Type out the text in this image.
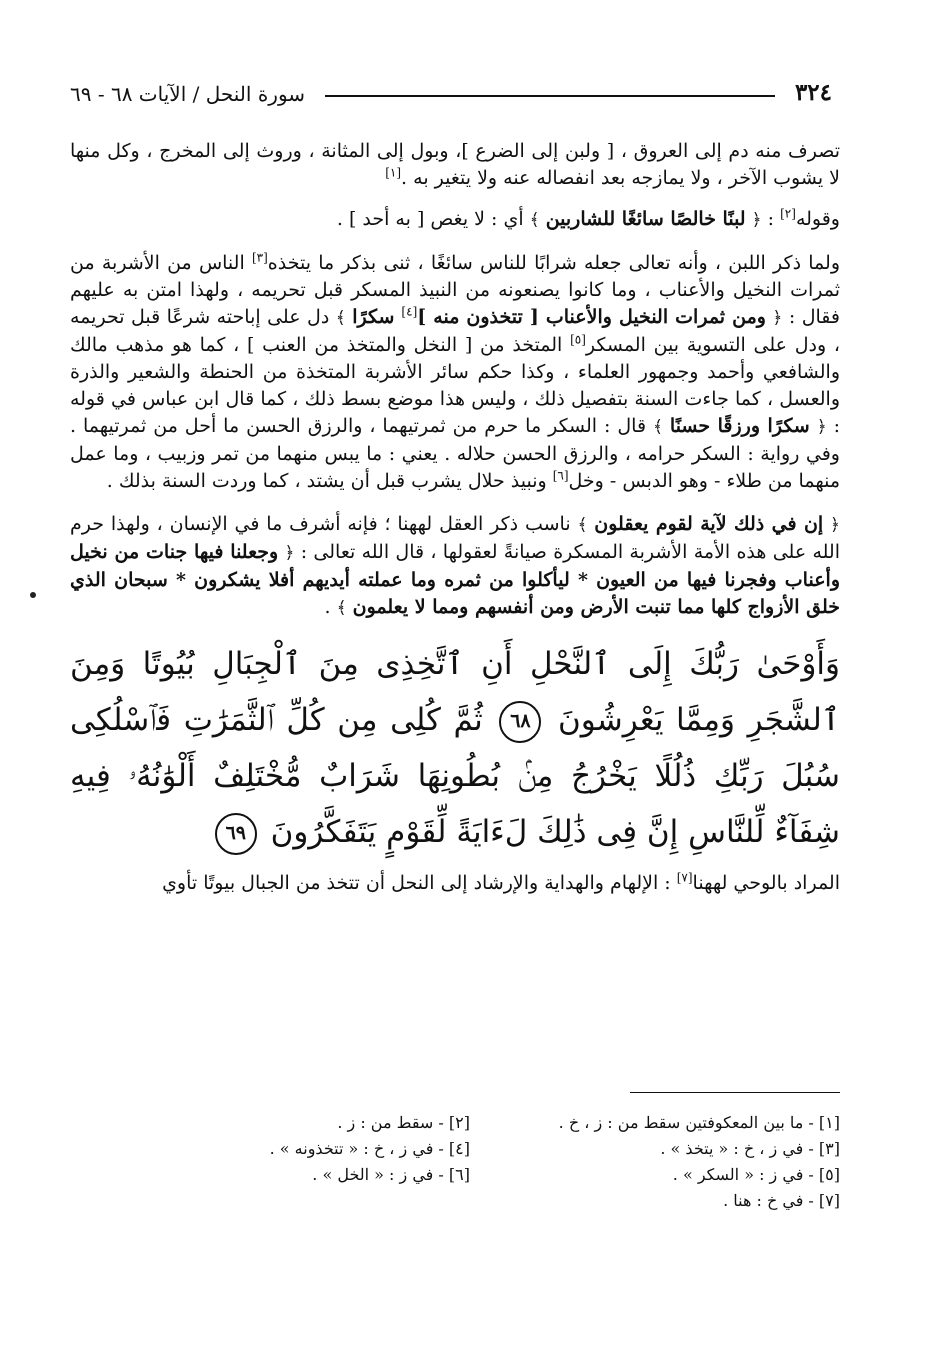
٣٢٤
سورة النحل / الآيات ٦٨ - ٦٩

تصرف منه دم إلى العروق ، [ ولبن إلى الضرع ]، وبول إلى المثانة ، وروث إلى المخرج ، وكل منها لا يشوب الآخر ، ولا يمازجه بعد انفصاله عنه ولا يتغير به .[١]

وقوله[٢] : ﴿ لبنًا خالصًا سائغًا للشاربين ﴾ أي : لا يغص [ به أحد ] .

ولما ذكر اللبن ، وأنه تعالى جعله شرابًا للناس سائغًا ، ثنى بذكر ما يتخذه[٣] الناس من الأشربة من ثمرات النخيل والأعناب ، وما كانوا يصنعونه من النبيذ المسكر قبل تحريمه ، ولهذا امتن به عليهم فقال : ﴿ ومن ثمرات النخيل والأعناب [ تتخذون منه ][٤] سكرًا ﴾ دل على إباحته شرعًا قبل تحريمه ، ودل على التسوية بين المسكر[٥] المتخذ من [ النخل والمتخذ من العنب ] ، كما هو مذهب مالك والشافعي وأحمد وجمهور العلماء ، وكذا حكم سائر الأشربة المتخذة من الحنطة والشعير والذرة والعسل ، كما جاءت السنة بتفصيل ذلك ، وليس هذا موضع بسط ذلك ، كما قال ابن عباس في قوله : ﴿ سكرًا ورزقًا حسنًا ﴾ قال : السكر ما حرم من ثمرتيهما ، والرزق الحسن ما أحل من ثمرتيهما . وفي رواية : السكر حرامه ، والرزق الحسن حلاله . يعني : ما يبس منهما من تمر وزبيب ، وما عمل منهما من طلاء - وهو الدبس - وخل[٦] ونبيذ حلال يشرب قبل أن يشتد ، كما وردت السنة بذلك .

﴿ إن في ذلك لآية لقوم يعقلون ﴾ ناسب ذكر العقل لههنا ؛ فإنه أشرف ما في الإنسان ، ولهذا حرم الله على هذه الأمة الأشربة المسكرة صيانةً لعقولها ، قال الله تعالى : ﴿ وجعلنا فيها جنات من نخيل وأعناب وفجرنا فيها من العيون * ليأكلوا من ثمره وما عملته أيديهم أفلا يشكرون * سبحان الذي خلق الأزواج كلها مما تنبت الأرض ومن أنفسهم ومما لا يعلمون ﴾ .

وَأَوْحَىٰ رَبُّكَ إِلَى ٱلنَّحْلِ أَنِ ٱتَّخِذِى مِنَ ٱلْجِبَالِ بُيُوتًا وَمِنَ ٱلشَّجَرِ وَمِمَّا يَعْرِشُونَ ٦٨ ثُمَّ كُلِى مِن كُلِّ ٱلثَّمَرَٰتِ فَٱسْلُكِى سُبُلَ رَبِّكِ ذُلُلًا يَخْرُجُ مِنۢ بُطُونِهَا شَرَابٌ مُّخْتَلِفٌ أَلْوَٰنُهُۥ فِيهِ شِفَآءٌ لِّلنَّاسِ إِنَّ فِى ذَٰلِكَ لَءَايَةً لِّقَوْمٍ يَتَفَكَّرُونَ ٦٩

المراد بالوحي لههنا[٧] : الإلهام والهداية والإرشاد إلى النحل أن تتخذ من الجبال بيوتًا تأوي

[١] - ما بين المعكوفتين سقط من : ز ، خ .
[٢] - سقط من : ز .
[٣] - في ز ، خ : « يتخذ » .
[٤] - في ز ، خ : « تتخذونه » .
[٥] - في ز : « السكر » .
[٦] - في ز : « الخل » .
[٧] - في خ : هنا .
